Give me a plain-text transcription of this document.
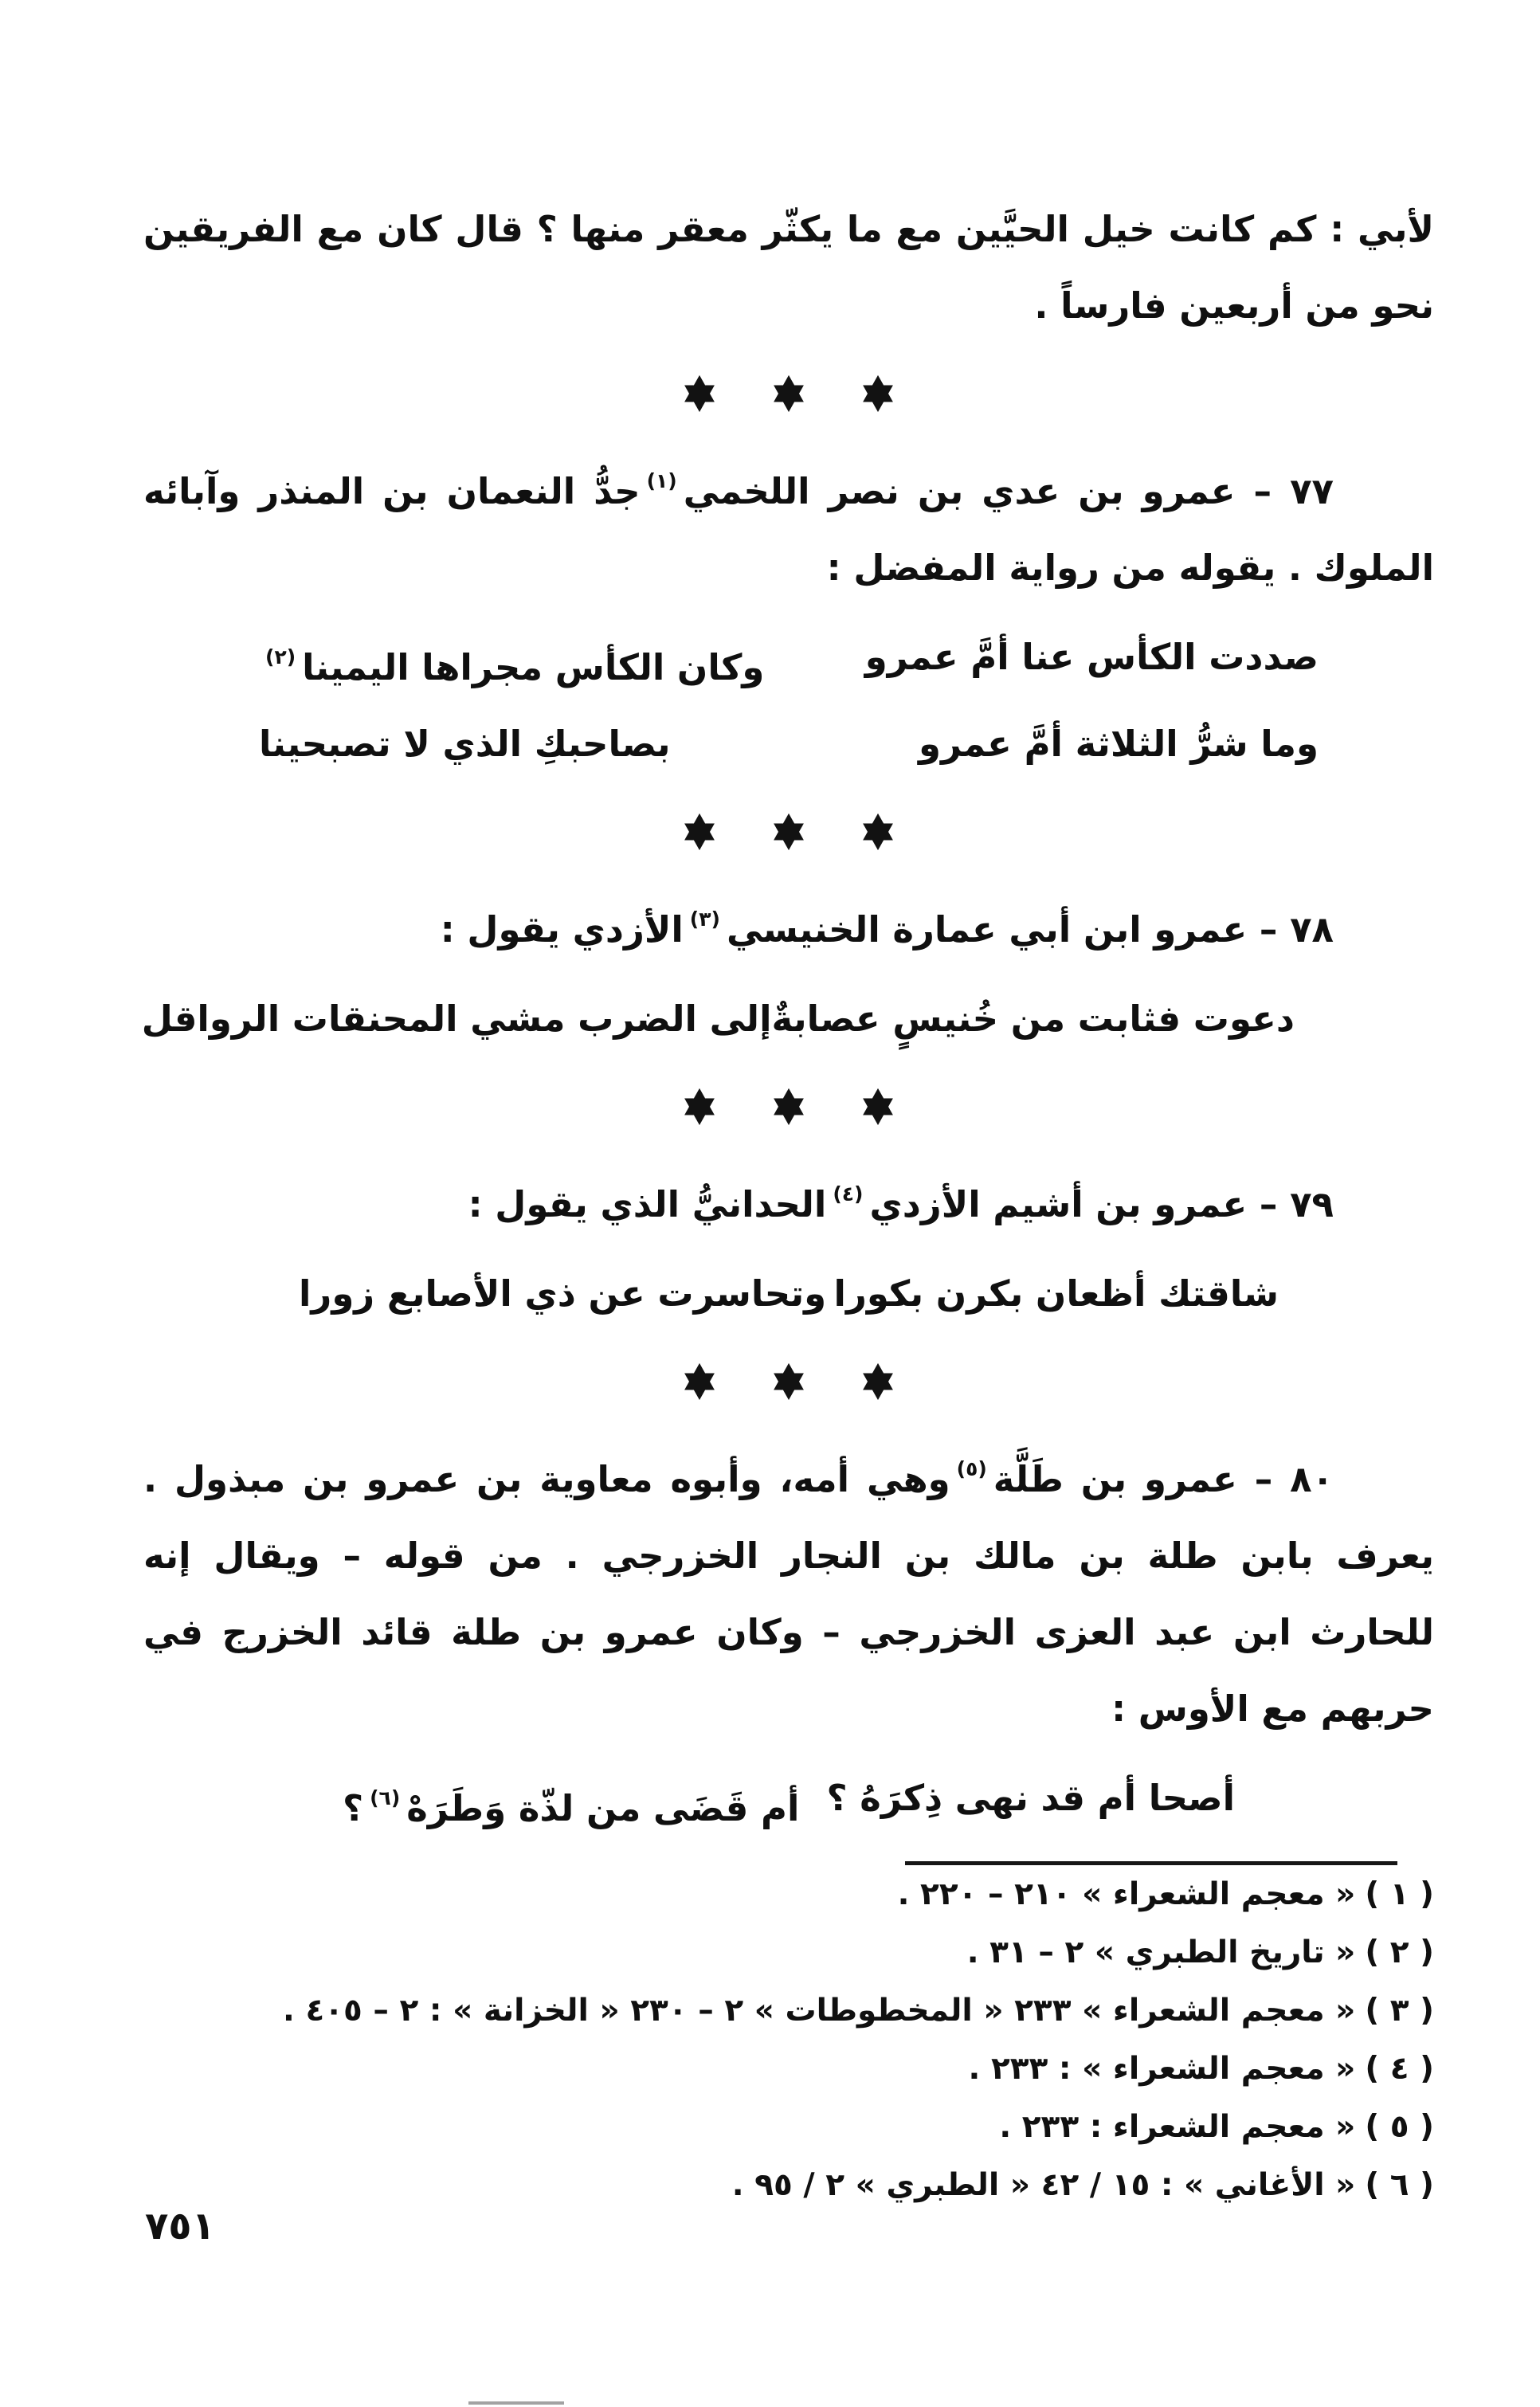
لأبي : كم كانت خيل الحيَّين مع ما يكثّر معقر منها ؟ قال كان مع الفريقين نحو من أربعين فارساً .

٧٧ – عمرو بن عدي بن نصر اللخمي$^{(١)}$جدُّ النعمان بن المنذر وآبائه الملوك . يقوله من رواية المفضل :

صددت الكأس عنا أمَّ عمرو
وكان الكأس مجراها اليمينا$^{(٢)}$
وما شرُّ الثلاثة أمَّ عمرو
بصاحبكِ الذي لا تصبحينا

٧٨ – عمرو ابن أبي عمارة الخنيسي$^{(٣)}$الأزدي يقول :

دعوت فثابت من خُنيسٍ عصابةٌ
إلى الضرب مشي المحنقات الرواقل

٧٩ – عمرو بن أشيم الأزدي$^{(٤)}$الحدانيُّ الذي يقول :

شاقتك أظعان بكرن بكورا
وتحاسرت عن ذي الأصابع زورا

٨٠ – عمرو بن طَلَّة$^{(٥)}$وهي أمه، وأبوه معاوية بن عمرو بن مبذول . يعرف بابن طلة بن مالك بن النجار الخزرجي . من قوله – ويقال إنه للحارث ابن عبد العزى الخزرجي – وكان عمرو بن طلة قائد الخزرج في حربهم مع الأوس :

أصحا أم قد نهى ذِكرَهُ ؟
أم قَضَى من لذّة وَطَرَهْ$^{(٦)}$؟

( ١ )« معجم الشعراء » ٢١٠ – ٢٢٠ .

( ٢ )« تاريخ الطبري » ٢ – ٣١ .

( ٣ )« معجم الشعراء » ٢٣٣ « المخطوطات » ٢ – ٢٣٠ « الخزانة » : ٢ – ٤٠٥ .

( ٤ )« معجم الشعراء » : ٢٣٣ .

( ٥ )« معجم الشعراء : ٢٣٣ .

( ٦ )« الأغاني » : ١٥ / ٤٢ « الطبري » ٢ / ٩٥ .

٧٥١
